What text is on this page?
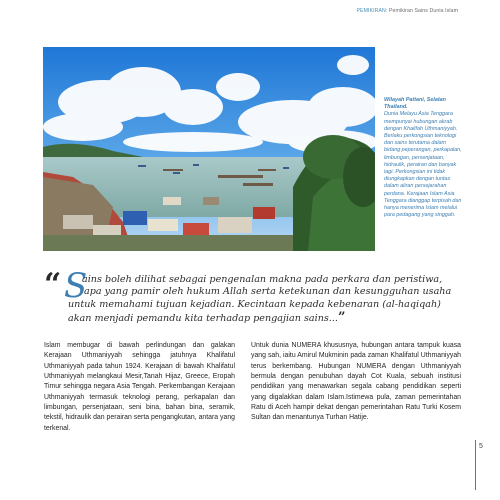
PEMIKIRAN: Pemikiran Sains Dunia Islam
Wilayah Pattani, Selatan Thailand.
Dunia Melayu Asia Tenggara mempunyai hubungan akrab dengan Khalifah Uthmaniyyah. Berlaku perkongsian teknologi dan sains terutama dalam bidang peperangan, perkapalan, limbungan, persenjataan, hidraulik, perairan dan banyak lagi. Perkongsian ini tidak diungkapkan dengan tuntas dalam aliran persejarahan perdana. Kerajaan Islam Asia Tenggara dianggap terpisah dan hanya menerima Islam melalui para pedagang yang singgah.
“ S
ains boleh dilihat sebagai pengenalan makna pada perkara dan peristiwa,
apa yang pamir oleh hukum Allah serta ketekunan dan kesungguhan usaha
untuk memahami tujuan kejadian. Kecintaan kepada kebenaran (al-haqiqah)
akan menjadi pemandu kita terhadap pengajian sains...”

Islam membugar di bawah perlindungan dan galakan Kerajaan Uthmaniyyah sehingga jatuhnya Khalifatul Uthmaniyyah pada tahun 1924. Kerajaan di bawah Khalifatul Uthmaniyyah melangkaui Mesir,Tanah Hijaz, Greece, Eropah Timur sehingga negara Asia Tengah. Perkembangan Kerajaan Uthmaniyyah termasuk teknologi perang, perkapalan dan limbungan, persenjataan, seni bina, bahan bina, seramik, tekstil, hidraulik dan perairan serta pengangkutan, antara yang terkenal.

Untuk dunia NUMERA khususnya, hubungan antara tampuk kuasa yang sah, iaitu Amirul Mukminin pada zaman Khalifatul Uthmaniyyah terus berkembang. Hubungan NUMERA dengan Uthmaniyyah bermula dengan penubuhan dayah Cot Kuala, sebuah institusi pendidikan yang menawarkan segala cabang pendidikan seperti yang digalakkan dalam Islam.Istimewa pula, zaman pemerintahan Ratu di Aceh hampir dekat dengan pemerintahan Ratu Turki Kosem Sultan dan menantunya Turhan Hatije.

5
